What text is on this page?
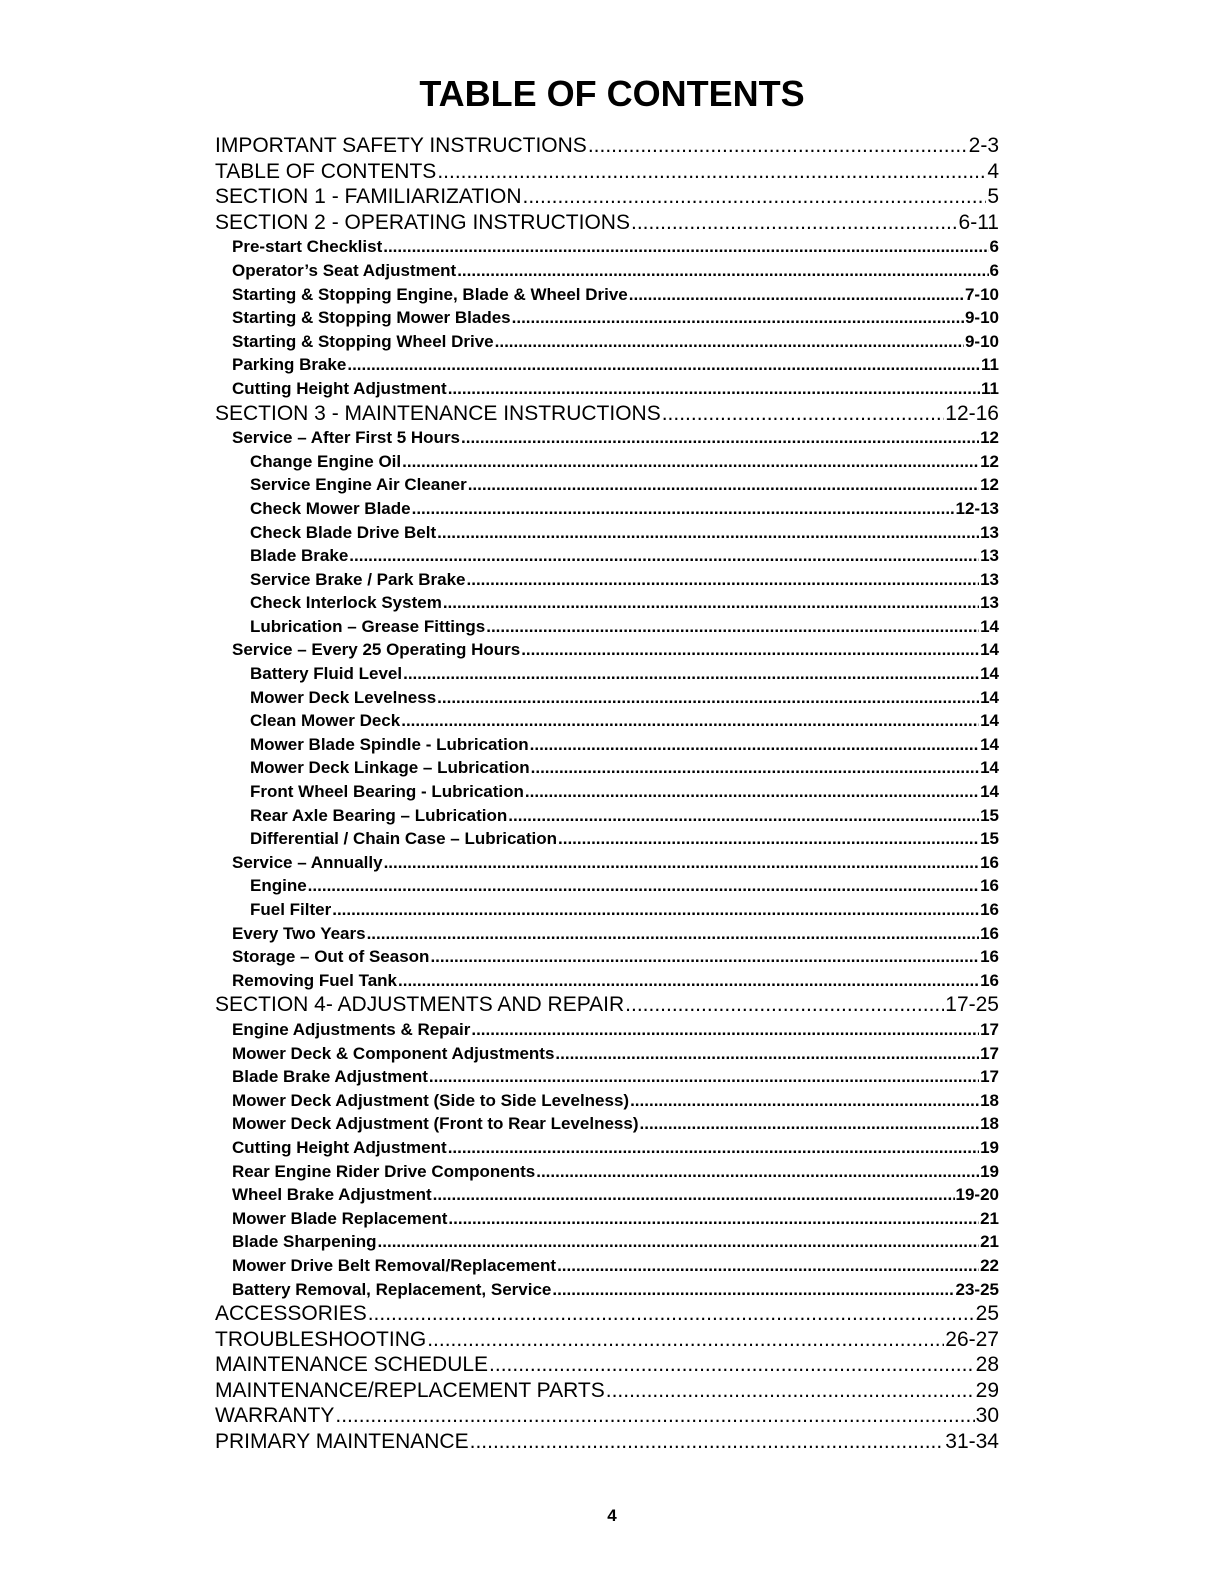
TABLE OF CONTENTS
IMPORTANT SAFETY INSTRUCTIONS .....	2-3
TABLE OF CONTENTS .....	4
SECTION 1 - FAMILIARIZATION .....	5
SECTION 2 - OPERATING INSTRUCTIONS .....	6-11
Pre-start Checklist .....	6
Operator’s Seat Adjustment .....	6
Starting & Stopping Engine, Blade & Wheel Drive .....	7-10
Starting & Stopping Mower Blades .....	9-10
Starting & Stopping Wheel Drive .....	9-10
Parking Brake .....	11
Cutting Height Adjustment .....	11
SECTION 3 - MAINTENANCE INSTRUCTIONS .....	12-16
Service – After First 5 Hours .....	12
Change Engine Oil .....	12
Service Engine Air Cleaner .....	12
Check Mower Blade .....	12-13
Check Blade Drive Belt .....	13
Blade Brake .....	13
Service Brake / Park Brake .....	13
Check Interlock System .....	13
Lubrication – Grease Fittings .....	14
Service – Every 25 Operating Hours .....	14
Battery Fluid Level .....	14
Mower Deck Levelness .....	14
Clean Mower Deck .....	14
Mower Blade Spindle - Lubrication .....	14
Mower Deck Linkage – Lubrication .....	14
Front Wheel Bearing - Lubrication .....	14
Rear Axle Bearing – Lubrication .....	15
Differential / Chain Case – Lubrication .....	15
Service – Annually .....	16
Engine .....	16
Fuel Filter .....	16
Every Two Years .....	16
Storage – Out of Season .....	16
Removing Fuel Tank .....	16
SECTION 4- ADJUSTMENTS AND REPAIR .....	17-25
Engine Adjustments & Repair .....	17
Mower Deck & Component Adjustments .....	17
Blade Brake Adjustment .....	17
Mower Deck Adjustment (Side to Side Levelness) .....	18
Mower Deck Adjustment (Front to Rear Levelness) .....	18
Cutting Height Adjustment .....	19
Rear Engine Rider Drive Components .....	19
Wheel Brake Adjustment .....	19-20
Mower Blade Replacement .....	21
Blade Sharpening .....	21
Mower Drive Belt Removal/Replacement .....	22
Battery Removal, Replacement, Service .....	23-25
ACCESSORIES .....	25
TROUBLESHOOTING .....	26-27
MAINTENANCE SCHEDULE .....	28
MAINTENANCE/REPLACEMENT PARTS .....	29
WARRANTY .....	30
PRIMARY MAINTENANCE .....	31-34
4
